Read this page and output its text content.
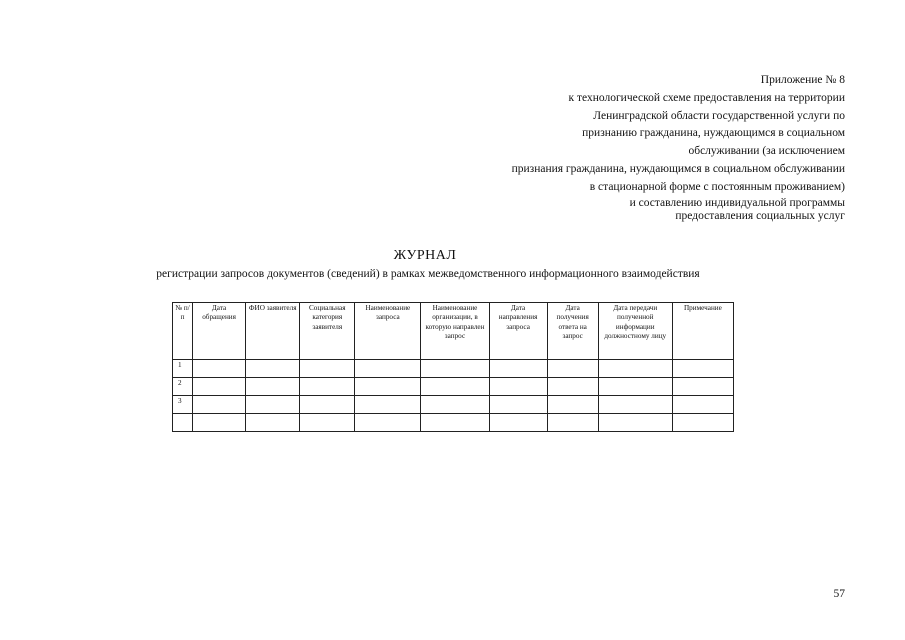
Приложение № 8
к технологической схеме предоставления на территории
Ленинградской области государственной услуги по
признанию гражданина, нуждающимся в социальном
обслуживании (за исключением
признания гражданина, нуждающимся в социальном обслуживании
в стационарной форме с постоянным проживанием)
и составлению индивидуальной программы
предоставления социальных услуг
ЖУРНАЛ
регистрации запросов документов (сведений) в рамках межведомственного информационного взаимодействия
№ п/п	Дата обращения	ФИО заявителя	Социальная категория заявителя	Наименование запроса	Наименование организации, в которую направлен запрос	Дата направления запроса	Дата получения ответа на запрос	Дата передачи полученной информации должностному лицу	Примечание
1									
2									
3									

57
